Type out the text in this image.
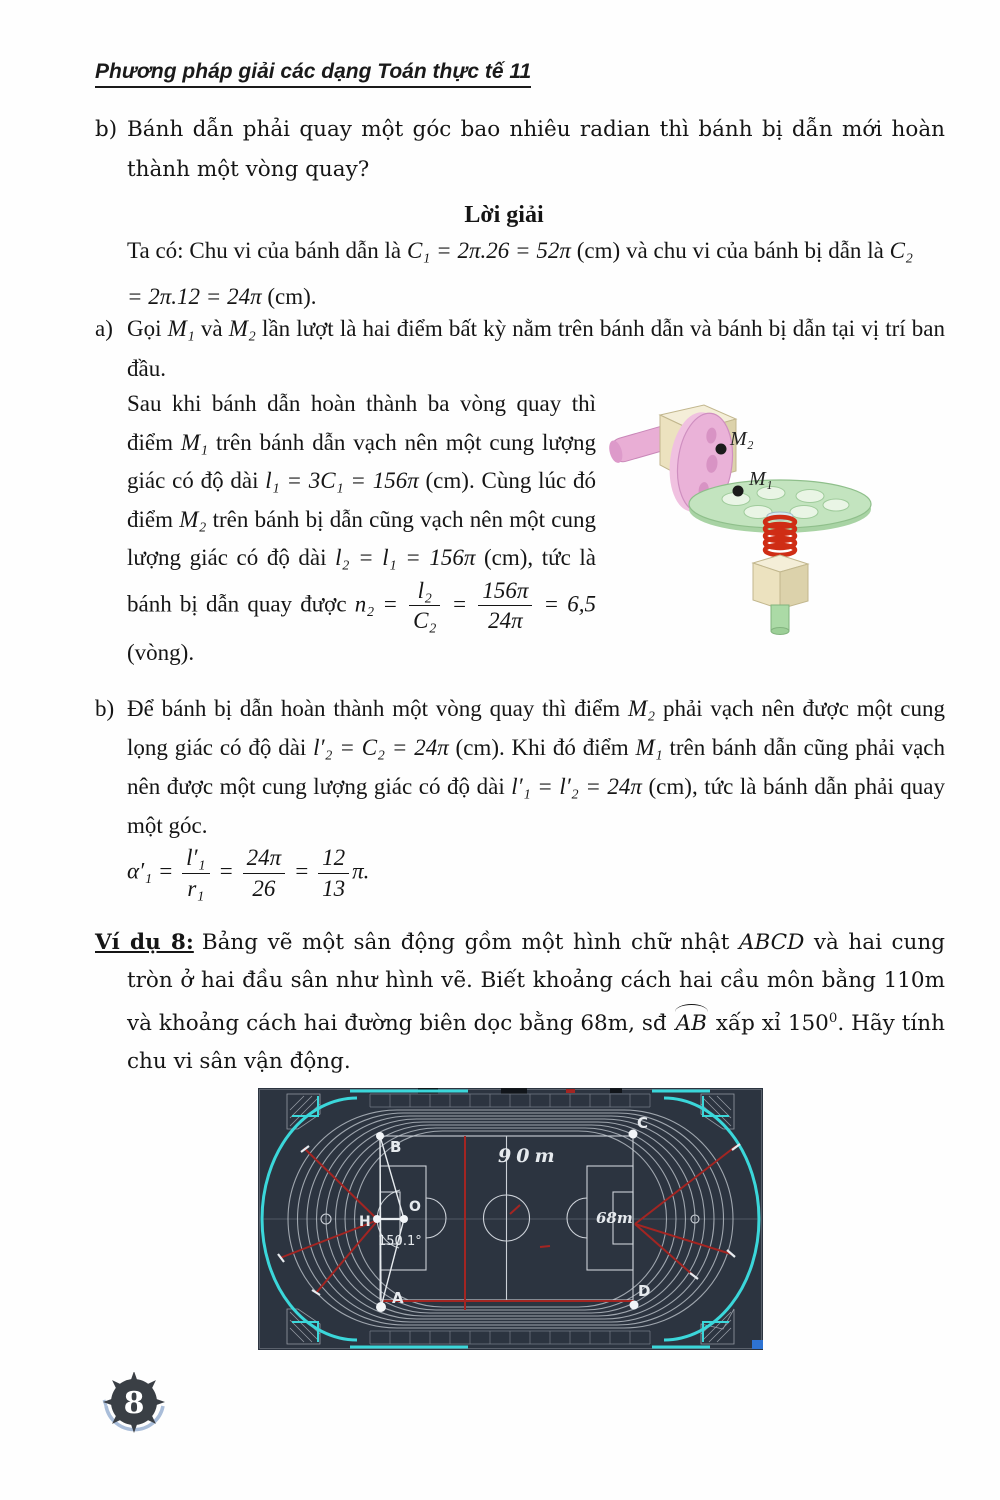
Phương pháp giải các dạng Toán thực tế 11
b) Bánh dẫn phải quay một góc bao nhiêu radian thì bánh bị dẫn mới hoàn thành một vòng quay?
Lời giải
Ta có: Chu vi của bánh dẫn là C₁ = 2π.26 = 52π (cm) và chu vi của bánh bị dẫn là C₂ = 2π.12 = 24π (cm).
a) Gọi M₁ và M₂ lần lượt là hai điểm bất kỳ nằm trên bánh dẫn và bánh bị dẫn tại vị trí ban đầu.
M₂
M₁
Sau khi bánh dẫn hoàn thành ba vòng quay thì điểm M₁ trên bánh dẫn vạch nên một cung lượng giác có độ dài l₁ = 3C₁ = 156π (cm). Cùng lúc đó điểm M₂ trên bánh bị dẫn cũng vạch nên một cung lượng giác có độ dài l₂ = l₁ = 156π (cm), tức là bánh bị dẫn quay được $n_2 = \frac{\text{l₂}}{\text{C₂}} = \frac{156\pi}{24\pi} = 6,5$ (vòng).
b) Để bánh bị dẫn hoàn thành một vòng quay thì điểm M₂ phải vạch nên được một cung lọng giác có độ dài l′₂ = C₂ = 24π (cm). Khi đó điểm M₁ trên bánh dẫn cũng phải vạch nên được một cung lượng giác có độ dài l′₁ = l′₂ = 24π (cm), tức là bánh dẫn phải quay một góc.
$\alpha'_1 = \frac{\text{l′₁}}{\text{r₁}} = \frac{24\pi}{26} = \frac{12}{13} \pi$.
Ví dụ 8: Bảng vẽ một sân động gồm một hình chữ nhật ABCD và hai cung tròn ở hai đầu sân như hình vẽ. Biết khoảng cách hai cầu môn bằng 110m và khoảng cách hai đường biên dọc bằng 68m, sđ AB xấp xỉ $150^0$. Hãy tính chu vi sân vận động.
B
C
A	D
H
O
150.1°
90m
68m
8
